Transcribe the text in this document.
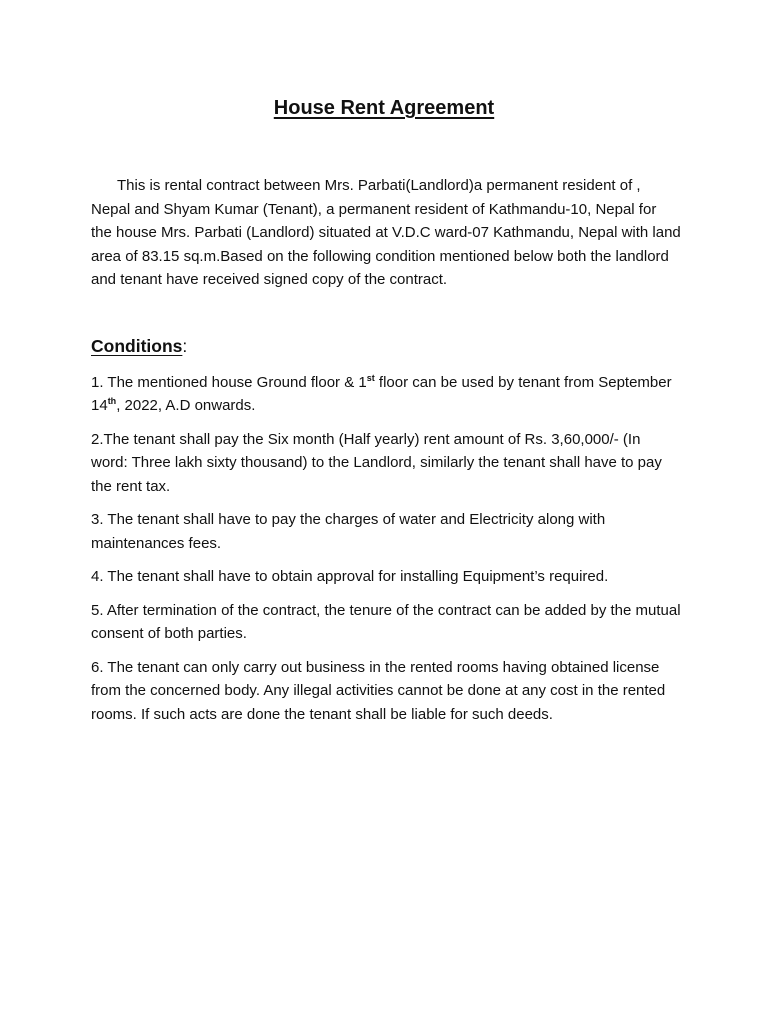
House Rent Agreement

This is rental contract between Mrs. Parbati(Landlord)a permanent resident of , Nepal and Shyam Kumar (Tenant), a permanent resident of Kathmandu-10, Nepal for the house Mrs. Parbati (Landlord) situated at V.D.C ward-07 Kathmandu, Nepal with land area of 83.15 sq.m.Based on the following condition mentioned below both the landlord and tenant have received signed copy of the contract.

Conditions:

1. The mentioned house Ground floor & 1st floor can be used by tenant from September 14th, 2022, A.D onwards.

2.The tenant shall pay the Six month (Half yearly) rent amount of Rs. 3,60,000/- (In word: Three lakh sixty thousand) to the Landlord, similarly the tenant shall have to pay the rent tax.

3. The tenant shall have to pay the charges of water and Electricity along with maintenances fees.

4. The tenant shall have to obtain approval for installing Equipment’s required.

5. After termination of the contract, the tenure of the contract can be added by the mutual consent of both parties.

6. The tenant can only carry out business in the rented rooms having obtained license from the concerned body. Any illegal activities cannot be done at any cost in the rented rooms. If such acts are done the tenant shall be liable for such deeds.
